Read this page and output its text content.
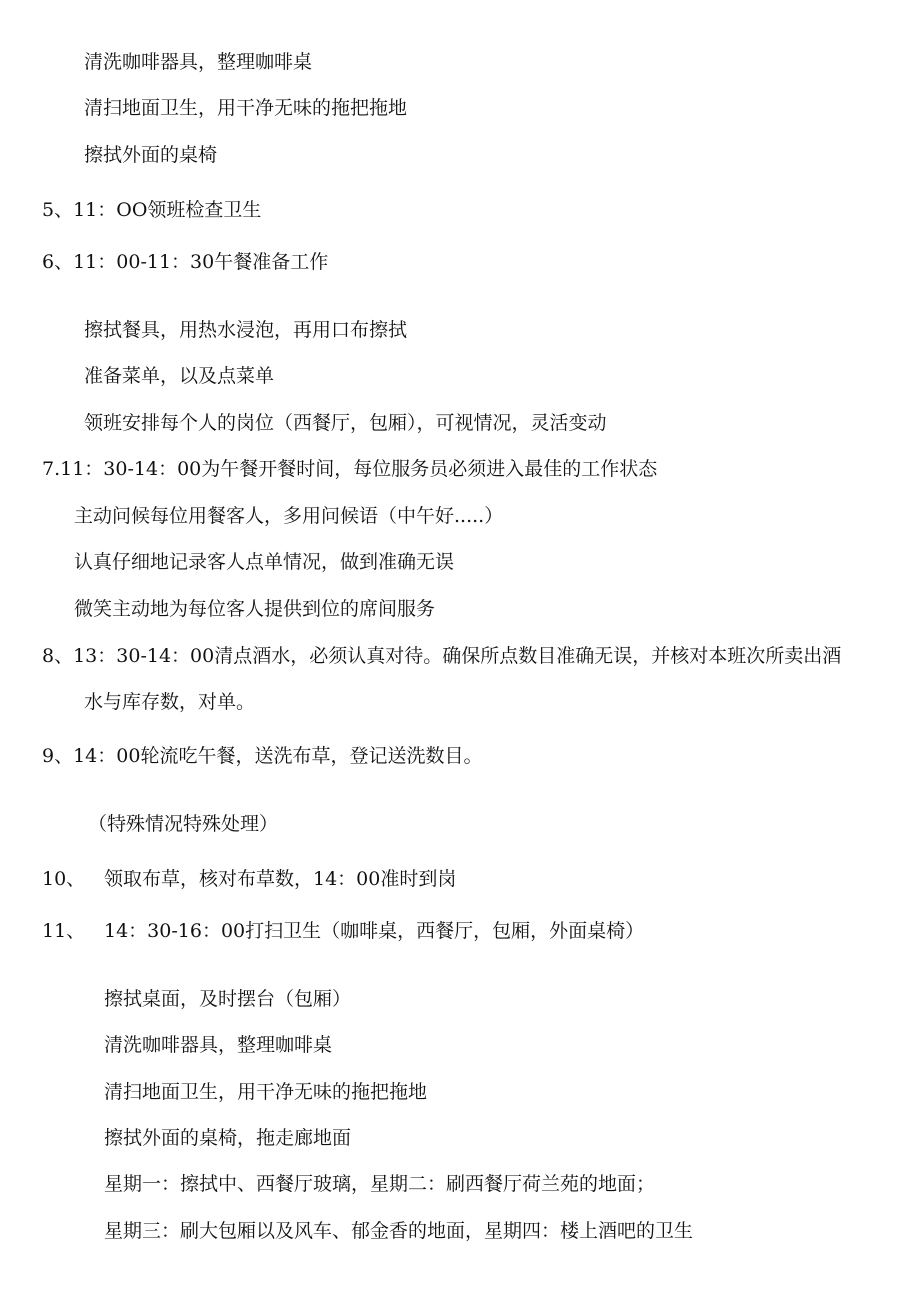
清洗咖啡器具，整理咖啡桌
清扫地面卫生，用干净无味的拖把拖地
擦拭外面的桌椅
5、11：OO领班检查卫生
6、11：00-11：30午餐准备工作
擦拭餐具，用热水浸泡，再用口布擦拭
准备菜单，以及点菜单
领班安排每个人的岗位（西餐厅，包厢），可视情况，灵活变动
7.11：30-14：00为午餐开餐时间，每位服务员必须进入最佳的工作状态
主动问候每位用餐客人，多用问候语（中午好.....）
认真仔细地记录客人点单情况，做到准确无误
微笑主动地为每位客人提供到位的席间服务
8、13：30-14：00清点酒水，必须认真对待。确保所点数目准确无误，并核对本班次所卖出酒
水与库存数，对单。
9、14：00轮流吃午餐，送洗布草，登记送洗数目。
（特殊情况特殊处理）
10、 领取布草，核对布草数，14：00准时到岗
11、 14：30-16：00打扫卫生（咖啡桌，西餐厅，包厢，外面桌椅）
擦拭桌面，及时摆台（包厢）
清洗咖啡器具，整理咖啡桌
清扫地面卫生，用干净无味的拖把拖地
擦拭外面的桌椅，拖走廊地面
星期一：擦拭中、西餐厅玻璃，星期二：刷西餐厅荷兰苑的地面；
星期三：刷大包厢以及风车、郁金香的地面，星期四：楼上酒吧的卫生
